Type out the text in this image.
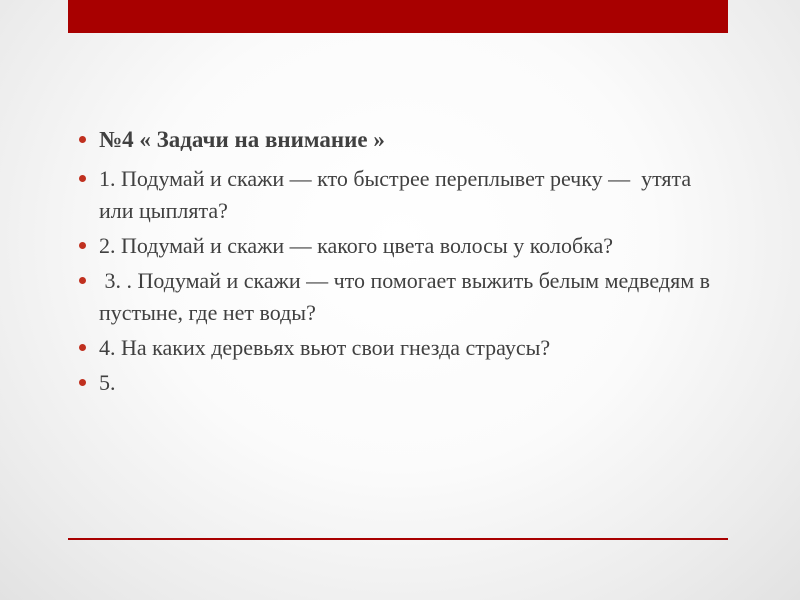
№4 « Задачи на внимание »
1. Подумай и скажи — кто быстрее переплывет речку —  утята или цыплята?
2. Подумай и скажи — какого цвета волосы у колобка?
3. . Подумай и скажи — что помогает выжить белым медведям в пустыне, где нет воды?
4. На каких деревьях вьют свои гнезда страусы?
5.
